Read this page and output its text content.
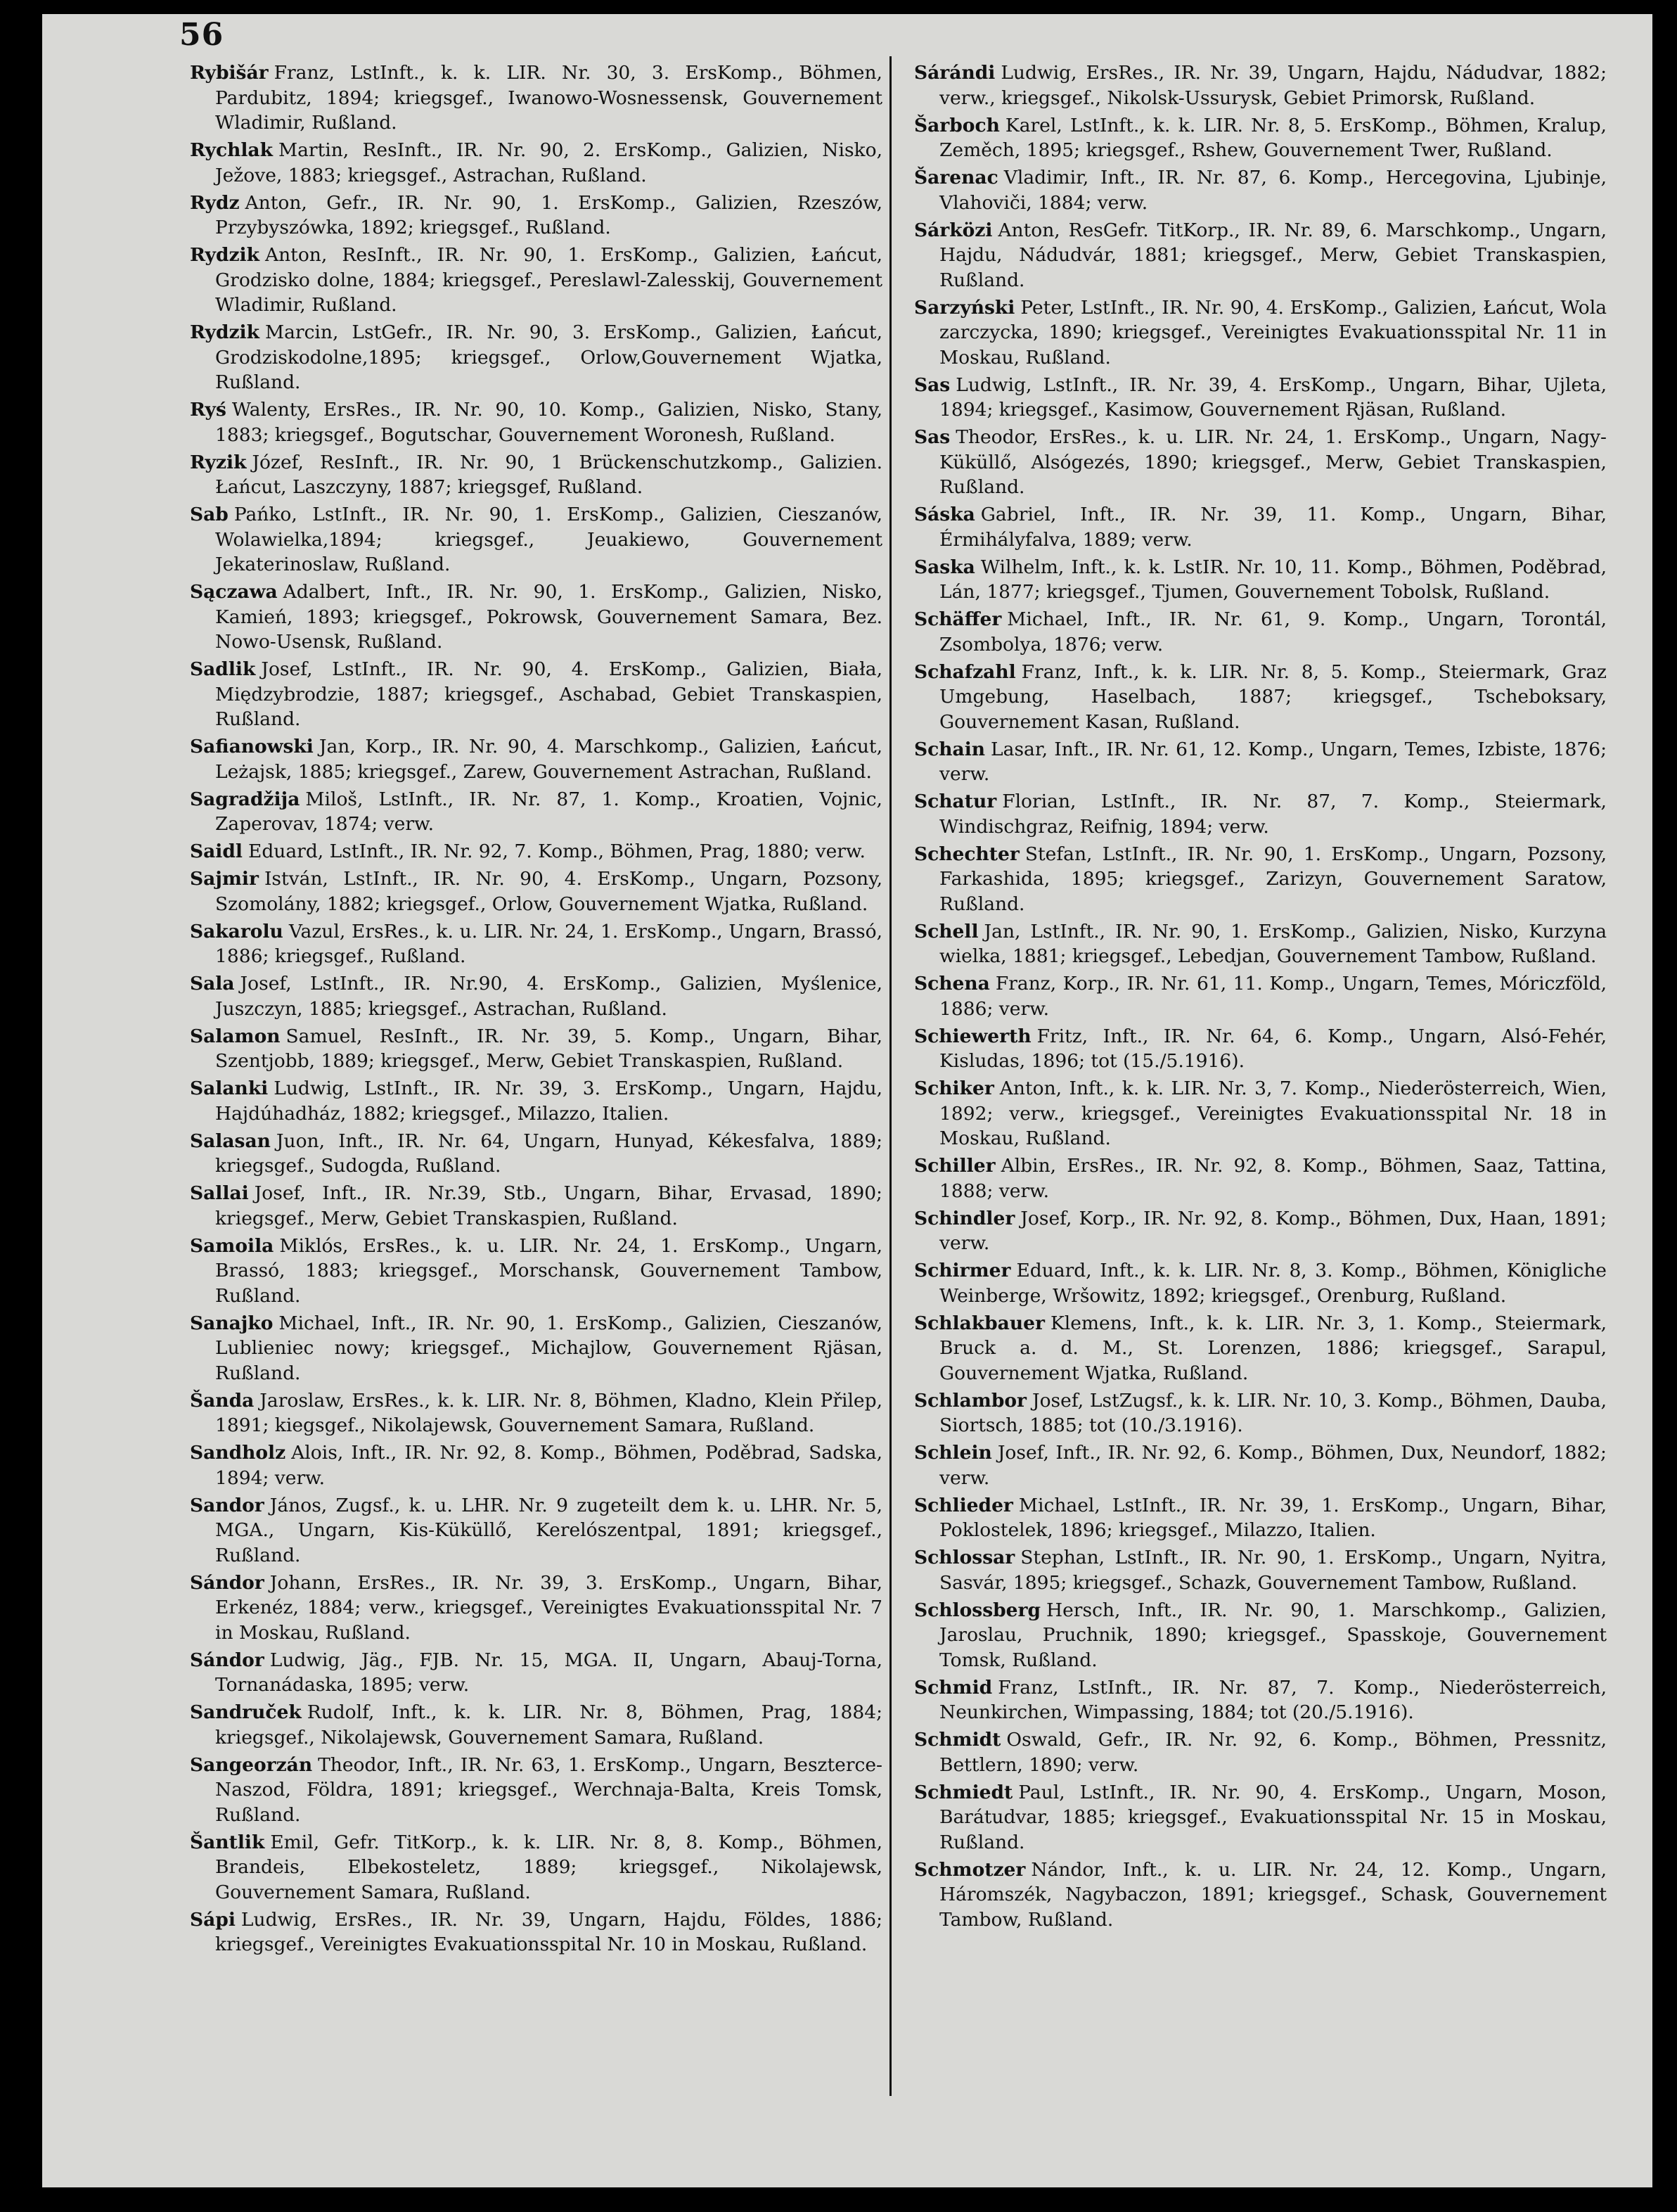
56

Rybišár Franz, LstInft., k. k. LIR. Nr. 30, 3. ErsKomp., Böhmen, Pardubitz, 1894; kriegsgef., Iwanowo-Wosnessensk, Gouvernement Wladimir, Rußland.

Rychlak Martin, ResInft., IR. Nr. 90, 2. ErsKomp., Galizien, Nisko, Ježove, 1883; kriegsgef., Astrachan, Rußland.

Rydz Anton, Gefr., IR. Nr. 90, 1. ErsKomp., Galizien, Rzeszów, Przybyszówka, 1892; kriegsgef., Rußland.

Rydzik Anton, ResInft., IR. Nr. 90, 1. ErsKomp., Galizien, Łańcut, Grodzisko dolne, 1884; kriegsgef., Pereslawl-Zalesskij, Gouvernement Wladimir, Rußland.

Rydzik Marcin, LstGefr., IR. Nr. 90, 3. ErsKomp., Galizien, Łańcut, Grodziskodolne,1895; kriegsgef., Orlow,Gouvernement Wjatka, Rußland.

Ryś Walenty, ErsRes., IR. Nr. 90, 10. Komp., Galizien, Nisko, Stany, 1883; kriegsgef., Bogutschar, Gouvernement Woronesh, Rußland.

Ryzik Józef, ResInft., IR. Nr. 90, 1 Brückenschutzkomp., Galizien. Łańcut, Laszczyny, 1887; kriegsgef, Rußland.

Sab Pańko, LstInft., IR. Nr. 90, 1. ErsKomp., Galizien, Cieszanów, Wolawielka,1894; kriegsgef., Jeuakiewo, Gouvernement Jekaterinoslaw, Rußland.

Sączawa Adalbert, Inft., IR. Nr. 90, 1. ErsKomp., Galizien, Nisko, Kamień, 1893; kriegsgef., Pokrowsk, Gouvernement Samara, Bez. Nowo-Usensk, Rußland.

Sadlik Josef, LstInft., IR. Nr. 90, 4. ErsKomp., Galizien, Biała, Międzybrodzie, 1887; kriegsgef., Aschabad, Gebiet Transkaspien, Rußland.

Safianowski Jan, Korp., IR. Nr. 90, 4. Marschkomp., Galizien, Łańcut, Leżajsk, 1885; kriegsgef., Zarew, Gouvernement Astrachan, Rußland.

Sagradžija Miloš, LstInft., IR. Nr. 87, 1. Komp., Kroatien, Vojnic, Zaperovav, 1874; verw.

Saidl Eduard, LstInft., IR. Nr. 92, 7. Komp., Böhmen, Prag, 1880; verw.

Sajmir István, LstInft., IR. Nr. 90, 4. ErsKomp., Ungarn, Pozsony, Szomolány, 1882; kriegsgef., Orlow, Gouvernement Wjatka, Rußland.

Sakarolu Vazul, ErsRes., k. u. LIR. Nr. 24, 1. ErsKomp., Ungarn, Brassó, 1886; kriegsgef., Rußland.

Sala Josef, LstInft., IR. Nr.90, 4. ErsKomp., Galizien, Myślenice, Juszczyn, 1885; kriegsgef., Astrachan, Rußland.

Salamon Samuel, ResInft., IR. Nr. 39, 5. Komp., Ungarn, Bihar, Szentjobb, 1889; kriegsgef., Merw, Gebiet Transkaspien, Rußland.

Salanki Ludwig, LstInft., IR. Nr. 39, 3. ErsKomp., Ungarn, Hajdu, Hajdúhadház, 1882; kriegsgef., Milazzo, Italien.

Salasan Juon, Inft., IR. Nr. 64, Ungarn, Hunyad, Kékesfalva, 1889; kriegsgef., Sudogda, Rußland.

Sallai Josef, Inft., IR. Nr.39, Stb., Ungarn, Bihar, Ervasad, 1890; kriegsgef., Merw, Gebiet Transkaspien, Rußland.

Samoila Miklós, ErsRes., k. u. LIR. Nr. 24, 1. ErsKomp., Ungarn, Brassó, 1883; kriegsgef., Morschansk, Gouvernement Tambow, Rußland.

Sanajko Michael, Inft., IR. Nr. 90, 1. ErsKomp., Galizien, Cieszanów, Lublieniec nowy; kriegsgef., Michajlow, Gouvernement Rjäsan, Rußland.

Šanda Jaroslaw, ErsRes., k. k. LIR. Nr. 8, Böhmen, Kladno, Klein Přilep, 1891; kiegsgef., Nikolajewsk, Gouvernement Samara, Rußland.

Sandholz Alois, Inft., IR. Nr. 92, 8. Komp., Böhmen, Poděbrad, Sadska, 1894; verw.

Sandor János, Zugsf., k. u. LHR. Nr. 9 zugeteilt dem k. u. LHR. Nr. 5, MGA., Ungarn, Kis-Küküllő, Kerelószentpal, 1891; kriegsgef., Rußland.

Sándor Johann, ErsRes., IR. Nr. 39, 3. ErsKomp., Ungarn, Bihar, Erkenéz, 1884; verw., kriegsgef., Vereinigtes Evakuationsspital Nr. 7 in Moskau, Rußland.

Sándor Ludwig, Jäg., FJB. Nr. 15, MGA. II, Ungarn, Abauj-Torna, Tornanádaska, 1895; verw.

Sandruček Rudolf, Inft., k. k. LIR. Nr. 8, Böhmen, Prag, 1884; kriegsgef., Nikolajewsk, Gouvernement Samara, Rußland.

Sangeorzán Theodor, Inft., IR. Nr. 63, 1. ErsKomp., Ungarn, Beszterce-Naszod, Földra, 1891; kriegsgef., Werchnaja-Balta, Kreis Tomsk, Rußland.

Šantlik Emil, Gefr. TitKorp., k. k. LIR. Nr. 8, 8. Komp., Böhmen, Brandeis, Elbekosteletz, 1889; kriegsgef., Nikolajewsk, Gouvernement Samara, Rußland.

Sápi Ludwig, ErsRes., IR. Nr. 39, Ungarn, Hajdu, Földes, 1886; kriegsgef., Vereinigtes Evakuationsspital Nr. 10 in Moskau, Rußland.

Sárándi Ludwig, ErsRes., IR. Nr. 39, Ungarn, Hajdu, Nádudvar, 1882; verw., kriegsgef., Nikolsk-Ussurysk, Gebiet Primorsk, Rußland.

Šarboch Karel, LstInft., k. k. LIR. Nr. 8, 5. ErsKomp., Böhmen, Kralup, Zeměch, 1895; kriegsgef., Rshew, Gouvernement Twer, Rußland.

Šarenac Vladimir, Inft., IR. Nr. 87, 6. Komp., Hercegovina, Ljubinje, Vlahoviči, 1884; verw.

Sárközi Anton, ResGefr. TitKorp., IR. Nr. 89, 6. Marschkomp., Ungarn, Hajdu, Nádudvár, 1881; kriegsgef., Merw, Gebiet Transkaspien, Rußland.

Sarzyński Peter, LstInft., IR. Nr. 90, 4. ErsKomp., Galizien, Łańcut, Wola zarczycka, 1890; kriegsgef., Vereinigtes Evakuationsspital Nr. 11 in Moskau, Rußland.

Sas Ludwig, LstInft., IR. Nr. 39, 4. ErsKomp., Ungarn, Bihar, Ujleta, 1894; kriegsgef., Kasimow, Gouvernement Rjäsan, Rußland.

Sas Theodor, ErsRes., k. u. LIR. Nr. 24, 1. ErsKomp., Ungarn, Nagy-Küküllő, Alsógezés, 1890; kriegsgef., Merw, Gebiet Transkaspien, Rußland.

Sáska Gabriel, Inft., IR. Nr. 39, 11. Komp., Ungarn, Bihar, Érmihályfalva, 1889; verw.

Saska Wilhelm, Inft., k. k. LstIR. Nr. 10, 11. Komp., Böhmen, Poděbrad, Lán, 1877; kriegsgef., Tjumen, Gouvernement Tobolsk, Rußland.

Schäffer Michael, Inft., IR. Nr. 61, 9. Komp., Ungarn, Torontál, Zsombolya, 1876; verw.

Schafzahl Franz, Inft., k. k. LIR. Nr. 8, 5. Komp., Steiermark, Graz Umgebung, Haselbach, 1887; kriegsgef., Tscheboksary, Gouvernement Kasan, Rußland.

Schain Lasar, Inft., IR. Nr. 61, 12. Komp., Ungarn, Temes, Izbiste, 1876; verw.

Schatur Florian, LstInft., IR. Nr. 87, 7. Komp., Steiermark, Windischgraz, Reifnig, 1894; verw.

Schechter Stefan, LstInft., IR. Nr. 90, 1. ErsKomp., Ungarn, Pozsony, Farkashida, 1895; kriegsgef., Zarizyn, Gouvernement Saratow, Rußland.

Schell Jan, LstInft., IR. Nr. 90, 1. ErsKomp., Galizien, Nisko, Kurzyna wielka, 1881; kriegsgef., Lebedjan, Gouvernement Tambow, Rußland.

Schena Franz, Korp., IR. Nr. 61, 11. Komp., Ungarn, Temes, Móriczföld, 1886; verw.

Schiewerth Fritz, Inft., IR. Nr. 64, 6. Komp., Ungarn, Alsó-Fehér, Kisludas, 1896; tot (15./5.1916).

Schiker Anton, Inft., k. k. LIR. Nr. 3, 7. Komp., Niederösterreich, Wien, 1892; verw., kriegsgef., Vereinigtes Evakuationsspital Nr. 18 in Moskau, Rußland.

Schiller Albin, ErsRes., IR. Nr. 92, 8. Komp., Böhmen, Saaz, Tattina, 1888; verw.

Schindler Josef, Korp., IR. Nr. 92, 8. Komp., Böhmen, Dux, Haan, 1891; verw.

Schirmer Eduard, Inft., k. k. LIR. Nr. 8, 3. Komp., Böhmen, Königliche Weinberge, Wršowitz, 1892; kriegsgef., Orenburg, Rußland.

Schlakbauer Klemens, Inft., k. k. LIR. Nr. 3, 1. Komp., Steiermark, Bruck a. d. M., St. Lorenzen, 1886; kriegsgef., Sarapul, Gouvernement Wjatka, Rußland.

Schlambor Josef, LstZugsf., k. k. LIR. Nr. 10, 3. Komp., Böhmen, Dauba, Siortsch, 1885; tot (10./3.1916).

Schlein Josef, Inft., IR. Nr. 92, 6. Komp., Böhmen, Dux, Neundorf, 1882; verw.

Schlieder Michael, LstInft., IR. Nr. 39, 1. ErsKomp., Ungarn, Bihar, Poklostelek, 1896; kriegsgef., Milazzo, Italien.

Schlossar Stephan, LstInft., IR. Nr. 90, 1. ErsKomp., Ungarn, Nyitra, Sasvár, 1895; kriegsgef., Schazk, Gouvernement Tambow, Rußland.

Schlossberg Hersch, Inft., IR. Nr. 90, 1. Marschkomp., Galizien, Jaroslau, Pruchnik, 1890; kriegsgef., Spasskoje, Gouvernement Tomsk, Rußland.

Schmid Franz, LstInft., IR. Nr. 87, 7. Komp., Niederösterreich, Neunkirchen, Wimpassing, 1884; tot (20./5.1916).

Schmidt Oswald, Gefr., IR. Nr. 92, 6. Komp., Böhmen, Pressnitz, Bettlern, 1890; verw.

Schmiedt Paul, LstInft., IR. Nr. 90, 4. ErsKomp., Ungarn, Moson, Barátudvar, 1885; kriegsgef., Evakuationsspital Nr. 15 in Moskau, Rußland.

Schmotzer Nándor, Inft., k. u. LIR. Nr. 24, 12. Komp., Ungarn, Háromszék, Nagybaczon, 1891; kriegsgef., Schask, Gouvernement Tambow, Rußland.
